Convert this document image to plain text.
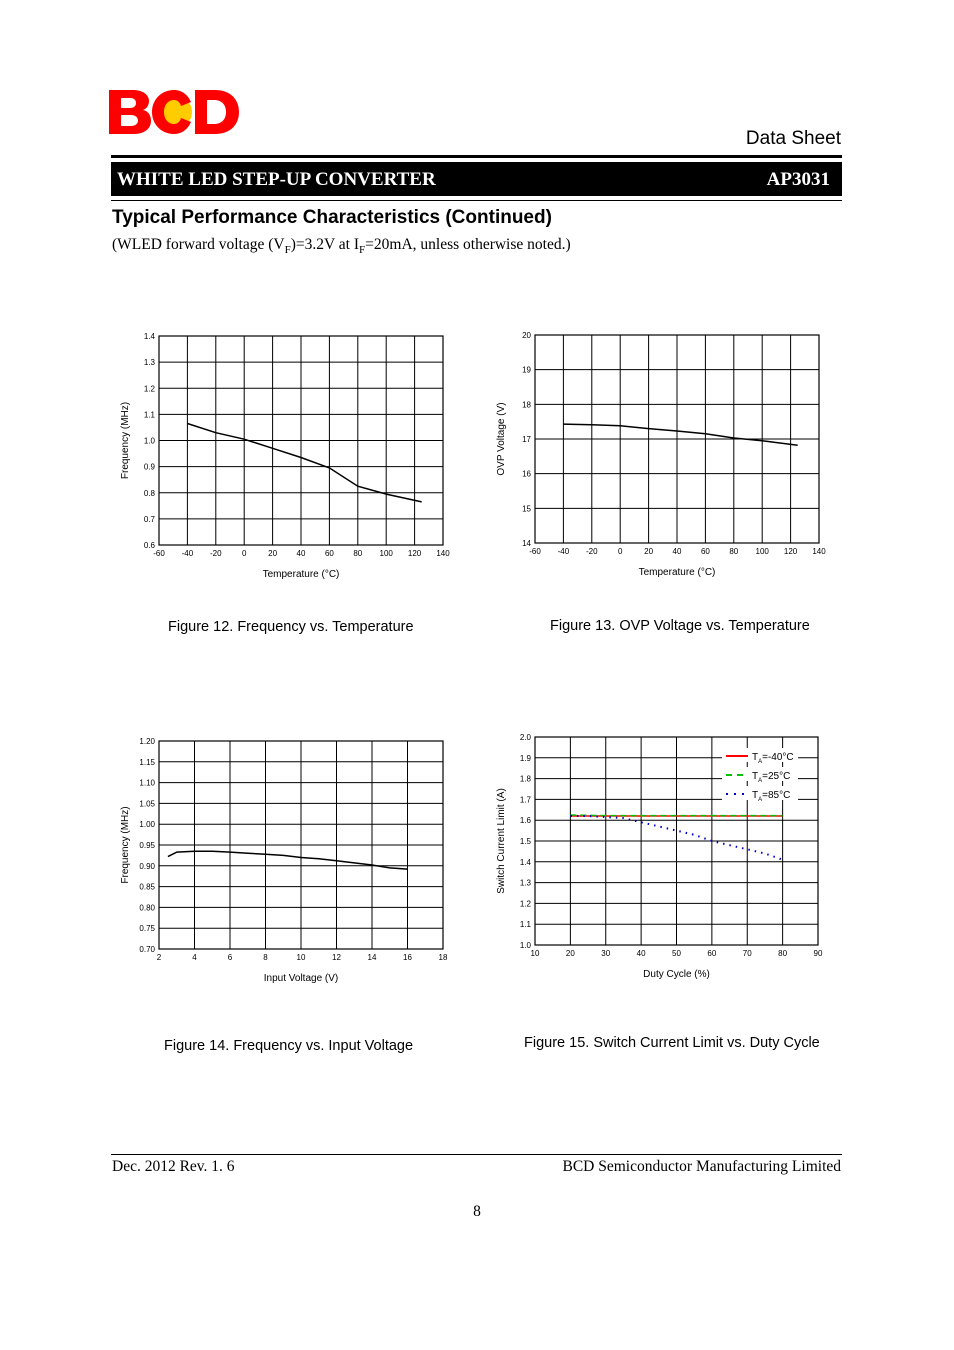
Data Sheet
WHITE LED STEP-UP CONVERTER	AP3031
Typical Performance Characteristics (Continued)
(WLED forward voltage $(V_F)=3.2V$ at $I_F=20mA$, unless otherwise noted.)
-60 -40 -20	0	20 40 60 80 100 120 140
0.6
0.7
0.8
0.9
1.0
1.1
1.2
1.3
1.4
Temperature (°C)
Frequency (MHz)
-60 -40 -20	0	20 40 60 80 100 120 140
14
15
16
17
18
19
20
Temperature (°C)
OVP Voltage (V)
2	4	6	8	10	12	14	16	18
0.70
0.75
0.80
0.85
0.90
0.95
1.00
1.05
1.10
1.15
1.20
Input Voltage (V)
Frequency (MHz)
10	20	30	40	50	60	70	80	90
1.0
1.1
1.2
1.3
1.4
1.5
1.6
1.7
1.8
1.9
2.0
Duty Cycle (%)
Switch Current Limit (A)
$T_A=-40^\circ C$
$T_A=25^\circ C$
$T_A=85^\circ C$
Figure 12. Frequency vs. Temperature	Figure 13. OVP Voltage vs. Temperature
Figure 14. Frequency vs. Input Voltage	Figure 15. Switch Current Limit vs. Duty Cycle
Dec. 2012 Rev. 1. 6	BCD Semiconductor Manufacturing Limited
8
